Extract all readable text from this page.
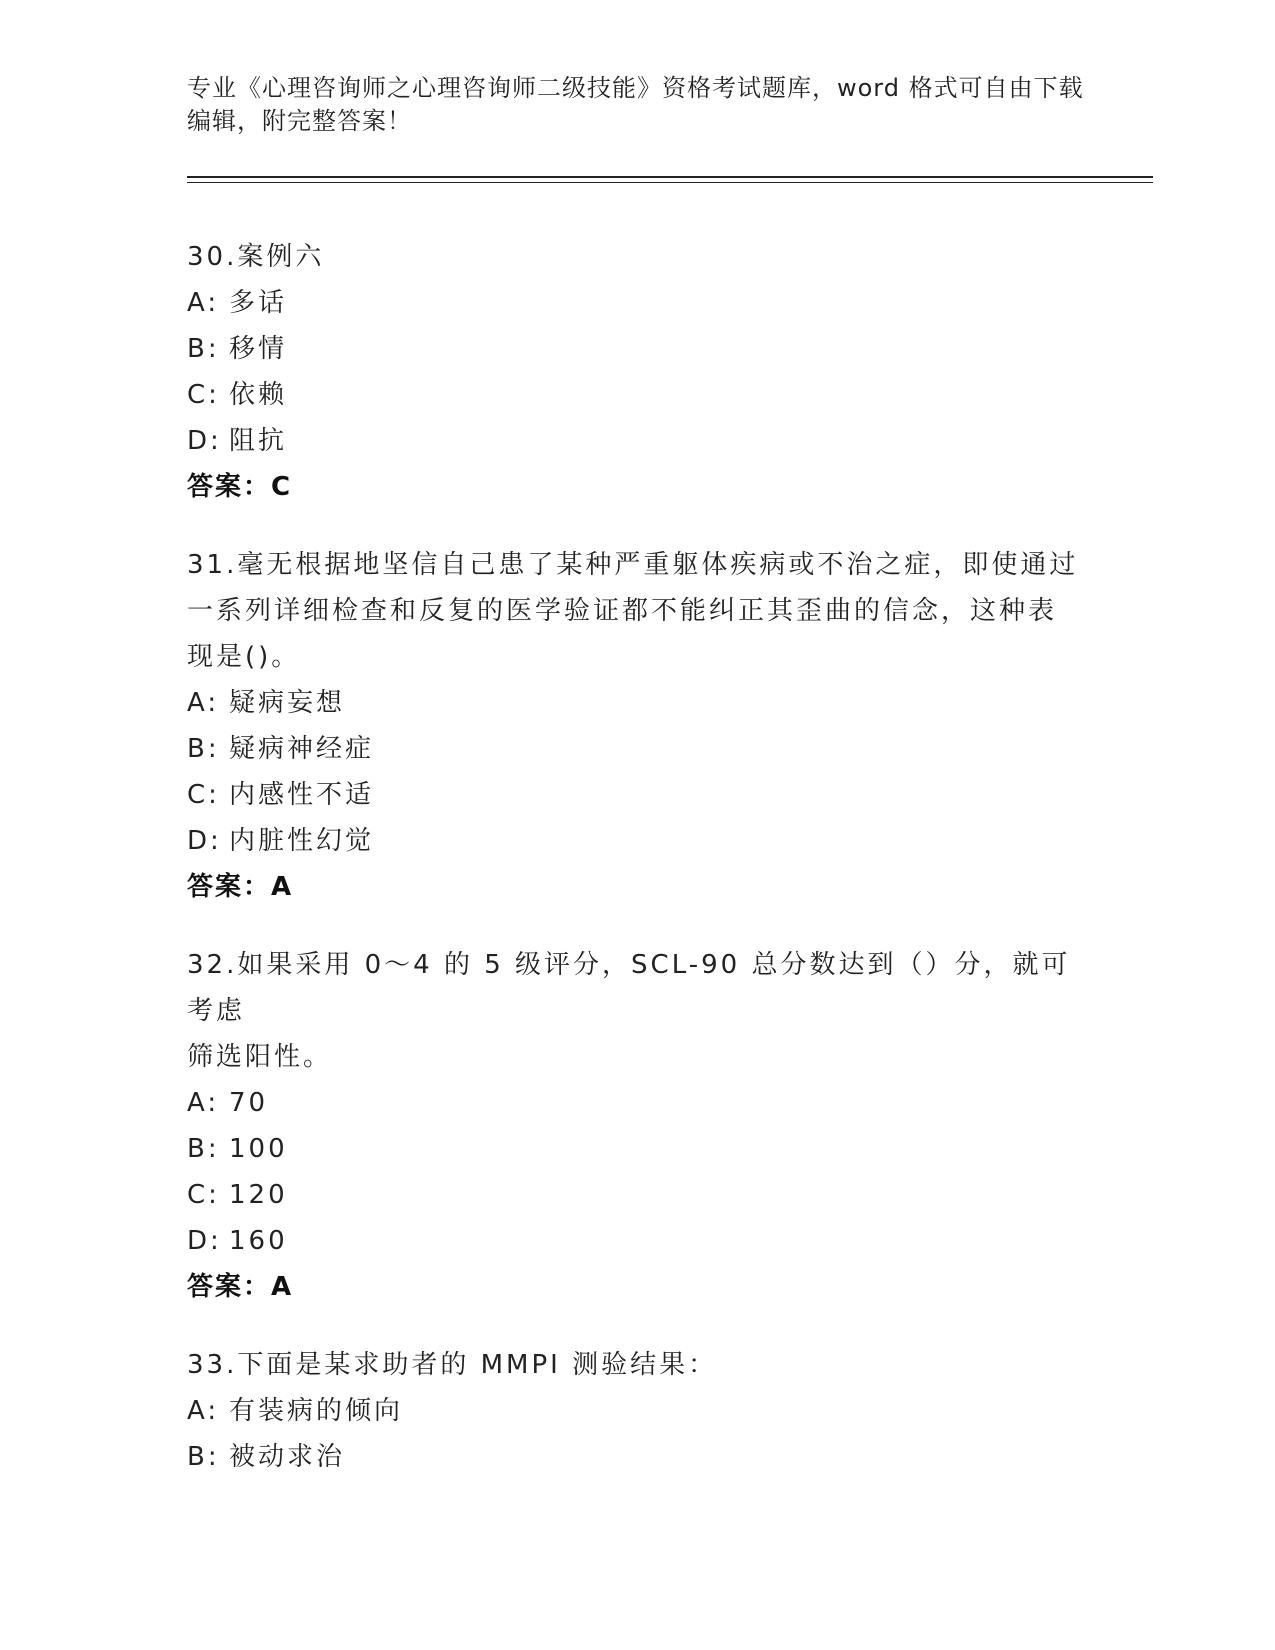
专业《心理咨询师之心理咨询师二级技能》资格考试题库，word 格式可自由下载
编辑，附完整答案！
30.案例六
A: 多话
B: 移情
C: 依赖
D: 阻抗
答案：C
31.毫无根据地坚信自己患了某种严重躯体疾病或不治之症，即使通过
一系列详细检查和反复的医学验证都不能纠正其歪曲的信念，这种表
现是()。
A: 疑病妄想
B: 疑病神经症
C: 内感性不适
D: 内脏性幻觉
答案：A
32.如果采用 0～4 的 5 级评分，SCL-90 总分数达到（）分，就可考虑
筛选阳性。
A: 70
B: 100
C: 120
D: 160
答案：A
33.下面是某求助者的 MMPI 测验结果：
A: 有装病的倾向
B: 被动求治
